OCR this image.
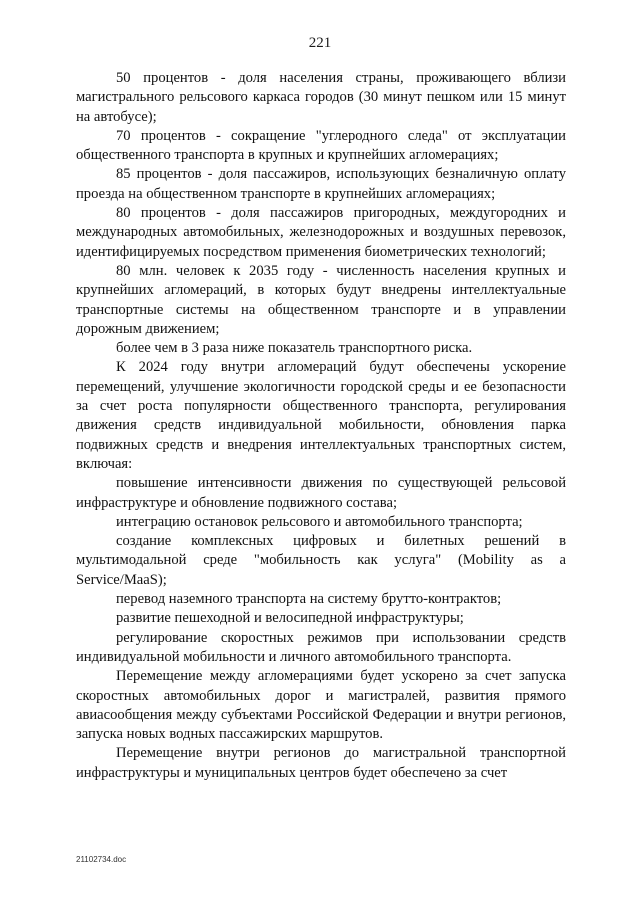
221

50 процентов - доля населения страны, проживающего вблизи магистрального рельсового каркаса городов (30 минут пешком или 15 минут на автобусе);

70 процентов - сокращение "углеродного следа" от эксплуатации общественного транспорта в крупных и крупнейших агломерациях;

85 процентов - доля пассажиров, использующих безналичную оплату проезда на общественном транспорте в крупнейших агломерациях;

80 процентов - доля пассажиров пригородных, междугородних и международных автомобильных, железнодорожных и воздушных перевозок, идентифицируемых посредством применения биометрических технологий;

80 млн. человек к 2035 году - численность населения крупных и крупнейших агломераций, в которых будут внедрены интеллектуальные транспортные системы на общественном транспорте и в управлении дорожным движением;

более чем в 3 раза ниже показатель транспортного риска.

К 2024 году внутри агломераций будут обеспечены ускорение перемещений, улучшение экологичности городской среды и ее безопасности за счет роста популярности общественного транспорта, регулирования движения средств индивидуальной мобильности, обновления парка подвижных средств и внедрения интеллектуальных транспортных систем, включая:

повышение интенсивности движения по существующей рельсовой инфраструктуре и обновление подвижного состава;

интеграцию остановок рельсового и автомобильного транспорта;

создание комплексных цифровых и билетных решений в мультимодальной среде "мобильность как услуга" (Mobility as a Service/MaaS);

перевод наземного транспорта на систему брутто-контрактов;

развитие пешеходной и велосипедной инфраструктуры;

регулирование скоростных режимов при использовании средств индивидуальной мобильности и личного автомобильного транспорта.

Перемещение между агломерациями будет ускорено за счет запуска скоростных автомобильных дорог и магистралей, развития прямого авиасообщения между субъектами Российской Федерации и внутри регионов, запуска новых водных пассажирских маршрутов.

Перемещение внутри регионов до магистральной транспортной инфраструктуры и муниципальных центров будет обеспечено за счет

21102734.doc
